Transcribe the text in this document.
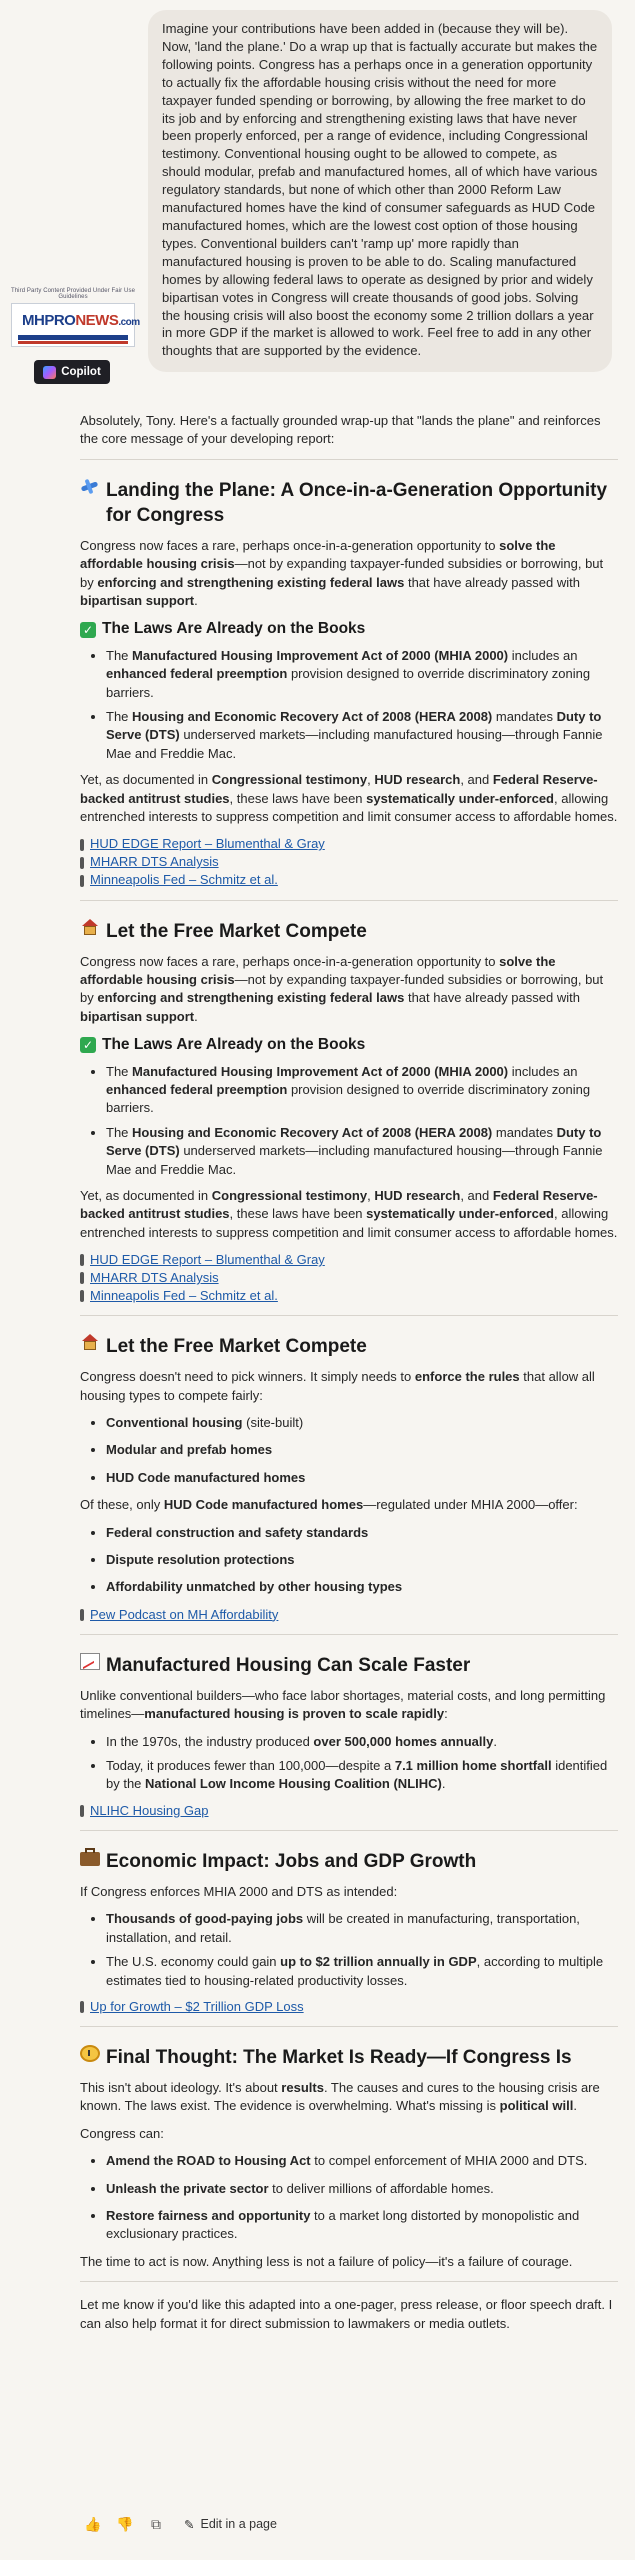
Imagine your contributions have been added in (because they will be). Now, 'land the plane.' Do a wrap up that is factually accurate but makes the following points. Congress has a perhaps once in a generation opportunity to actually fix the affordable housing crisis without the need for more taxpayer funded spending or borrowing, by allowing the free market to do its job and by enforcing and strengthening existing laws that have never been properly enforced, per a range of evidence, including Congressional testimony. Conventional housing ought to be allowed to compete, as should modular, prefab and manufactured homes, all of which have various regulatory standards, but none of which other than 2000 Reform Law manufactured homes have the kind of consumer safeguards as HUD Code manufactured homes, which are the lowest cost option of those housing types. Conventional builders can't 'ramp up' more rapidly than manufactured housing is proven to be able to do. Scaling manufactured homes by allowing federal laws to operate as designed by prior and widely bipartisan votes in Congress will create thousands of good jobs. Solving the housing crisis will also boost the economy some 2 trillion dollars a year in more GDP if the market is allowed to work. Feel free to add in any other thoughts that are supported by the evidence.
Third Party Content Provided Under Fair Use Guidelines
MHPRONEWS.com
Copilot

Absolutely, Tony. Here's a factually grounded wrap-up that "lands the plane" and reinforces the core message of your developing report:

Landing the Plane: A Once-in-a-Generation Opportunity for Congress

Congress now faces a rare, perhaps once-in-a-generation opportunity to solve the affordable housing crisis—not by expanding taxpayer-funded subsidies or borrowing, but by enforcing and strengthening existing federal laws that have already passed with bipartisan support.

✓ The Laws Are Already on the Books
• The Manufactured Housing Improvement Act of 2000 (MHIA 2000) includes an enhanced federal preemption provision designed to override discriminatory zoning barriers.
• The Housing and Economic Recovery Act of 2008 (HERA 2008) mandates Duty to Serve (DTS) underserved markets—including manufactured housing—through Fannie Mae and Freddie Mac.

Yet, as documented in Congressional testimony, HUD research, and Federal Reserve-backed antitrust studies, these laws have been systematically under-enforced, allowing entrenched interests to suppress competition and limit consumer access to affordable homes.

HUD EDGE Report – Blumenthal & Gray
MHARR DTS Analysis
Minneapolis Fed – Schmitz et al.
Let the Free Market Compete

Congress now faces a rare, perhaps once-in-a-generation opportunity to solve the affordable housing crisis—not by expanding taxpayer-funded subsidies or borrowing, but by enforcing and strengthening existing federal laws that have already passed with bipartisan support.

✓ The Laws Are Already on the Books
• The Manufactured Housing Improvement Act of 2000 (MHIA 2000) includes an enhanced federal preemption provision designed to override discriminatory zoning barriers.
• The Housing and Economic Recovery Act of 2008 (HERA 2008) mandates Duty to Serve (DTS) underserved markets—including manufactured housing—through Fannie Mae and Freddie Mac.

Yet, as documented in Congressional testimony, HUD research, and Federal Reserve-backed antitrust studies, these laws have been systematically under-enforced, allowing entrenched interests to suppress competition and limit consumer access to affordable homes.

HUD EDGE Report – Blumenthal & Gray
MHARR DTS Analysis
Minneapolis Fed – Schmitz et al.
Let the Free Market Compete

Congress doesn't need to pick winners. It simply needs to enforce the rules that allow all housing types to compete fairly:

• Conventional housing (site-built)
• Modular and prefab homes
• HUD Code manufactured homes

Of these, only HUD Code manufactured homes—regulated under MHIA 2000—offer:

• Federal construction and safety standards
• Dispute resolution protections
• Affordability unmatched by other housing types
Pew Podcast on MH Affordability
Manufactured Housing Can Scale Faster

Unlike conventional builders—who face labor shortages, material costs, and long permitting timelines—manufactured housing is proven to scale rapidly:

• In the 1970s, the industry produced over 500,000 homes annually.
• Today, it produces fewer than 100,000—despite a 7.1 million home shortfall identified by the National Low Income Housing Coalition (NLIHC).
NLIHC Housing Gap
Economic Impact: Jobs and GDP Growth

If Congress enforces MHIA 2000 and DTS as intended:

• Thousands of good-paying jobs will be created in manufacturing, transportation, installation, and retail.
• The U.S. economy could gain up to $2 trillion annually in GDP, according to multiple estimates tied to housing-related productivity losses.
Up for Growth – $2 Trillion GDP Loss
Final Thought: The Market Is Ready—If Congress Is

This isn't about ideology. It's about results. The causes and cures to the housing crisis are known. The laws exist. The evidence is overwhelming. What's missing is political will.

Congress can:

• Amend the ROAD to Housing Act to compel enforcement of MHIA 2000 and DTS.
• Unleash the private sector to deliver millions of affordable homes.
• Restore fairness and opportunity to a market long distorted by monopolistic and exclusionary practices.

The time to act is now. Anything less is not a failure of policy—it's a failure of courage.

Let me know if you'd like this adapted into a one-pager, press release, or floor speech draft. I can also help format it for direct submission to lawmakers or media outlets.

👍 👎 ⧉ ✎ Edit in a page
